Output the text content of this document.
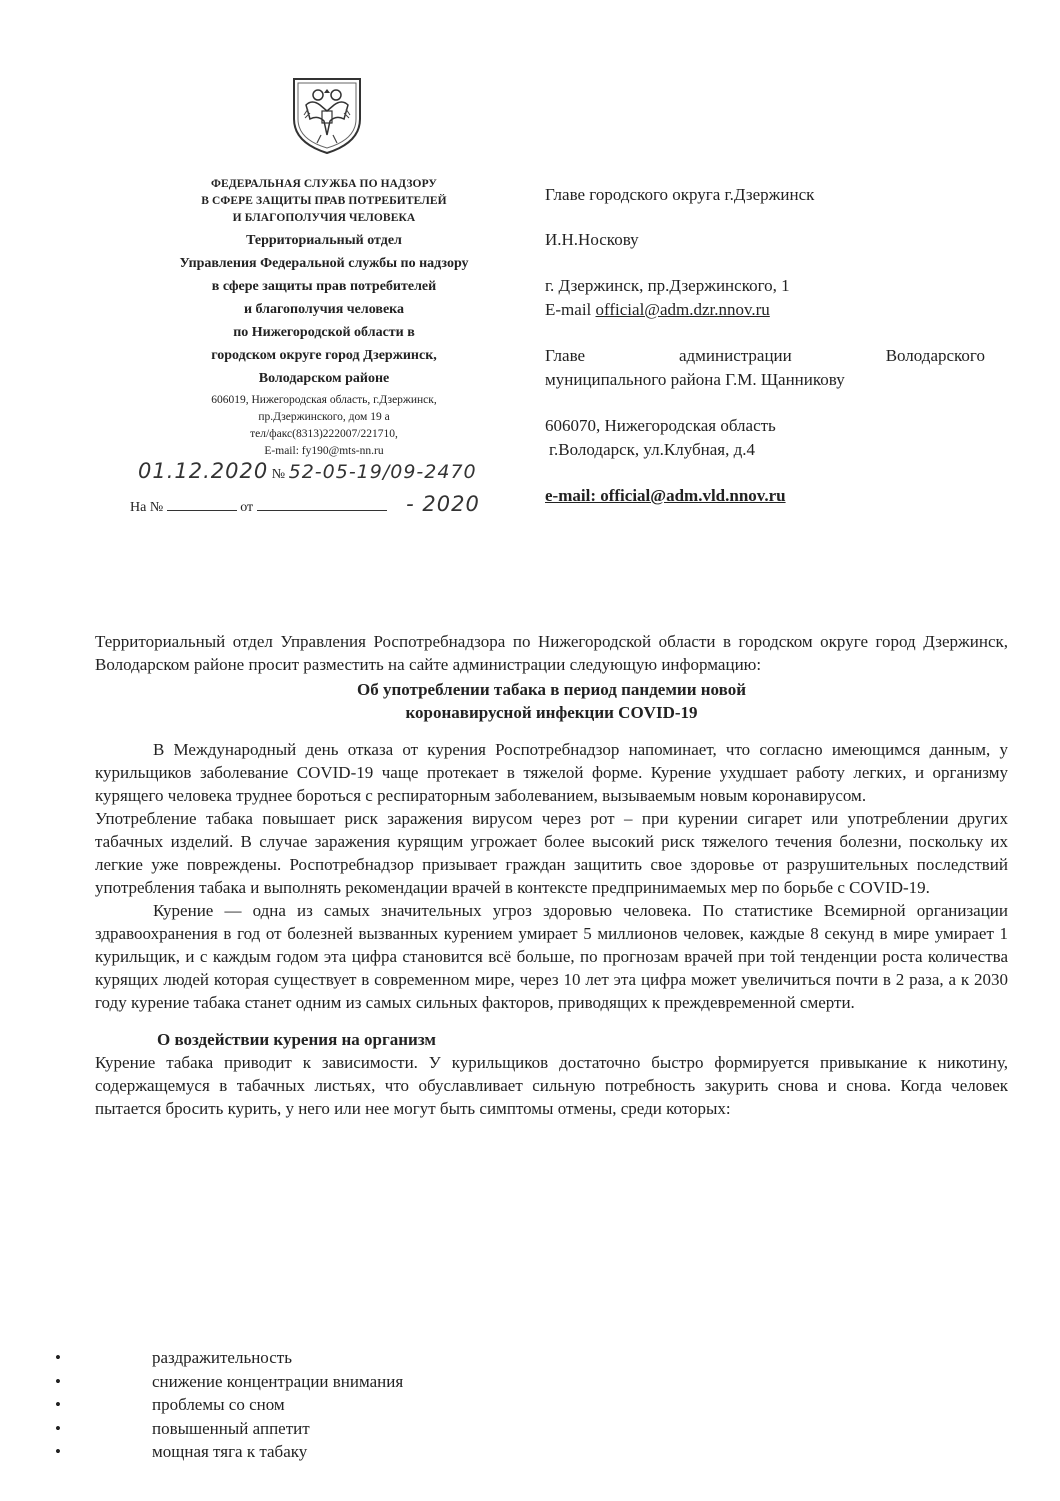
ФЕДЕРАЛЬНАЯ СЛУЖБА ПО НАДЗОРУ
В СФЕРЕ ЗАЩИТЫ ПРАВ ПОТРЕБИТЕЛЕЙ
И БЛАГОПОЛУЧИЯ ЧЕЛОВЕКА
Территориальный отдел
Управления Федеральной службы по надзору
в сфере защиты прав потребителей
и благополучия человека
по Нижегородской области в
городском округе город Дзержинск,
Володарском районе
606019, Нижегородская область, г.Дзержинск,
пр.Дзержинского, дом 19 а
тел/факс(8313)222007/221710,
E-mail: fy190@mts-nn.ru
01.12.2020 № 52-05-19/09-2470
На №	от	- 2020

Главе городского округа г.Дзержинск

И.Н.Носкову

г. Дзержинск, пр.Дзержинского, 1

E-mail official@adm.dzr.nnov.ru

Главе	администрации	Володарского

муниципального района Г.М. Щанникову

606070, Нижегородская область

г.Володарск, ул.Клубная, д.4

e-mail: official@adm.vld.nnov.ru

Территориальный отдел Управления Роспотребнадзора по Нижегородской области в городском округе город Дзержинск, Володарском районе просит разместить на сайте администрации следующую информацию:

Об употреблении табака в период пандемии новой

коронавирусной инфекции COVID-19

В Международный день отказа от курения Роспотребнадзор напоминает, что согласно имеющимся данным, у курильщиков заболевание COVID-19 чаще протекает в тяжелой форме. Курение ухудшает работу легких, и организму курящего человека труднее бороться с респираторным заболеванием, вызываемым новым коронавирусом.

Употребление табака повышает риск заражения вирусом через рот – при курении сигарет или употреблении других табачных изделий. В случае заражения курящим угрожает более высокий риск тяжелого течения болезни, поскольку их легкие уже повреждены. Роспотребнадзор призывает граждан защитить свое здоровье от разрушительных последствий употребления табака и выполнять рекомендации врачей в контексте предпринимаемых мер по борьбе с COVID-19.

Курение — одна из самых значительных угроз здоровью человека. По статистике Всемирной организации здравоохранения в год от болезней вызванных курением умирает 5 миллионов человек, каждые 8 секунд в мире умирает 1 курильщик, и с каждым годом эта цифра становится всё больше, по прогнозам врачей при той тенденции роста количества курящих людей которая существует в современном мире, через 10 лет эта цифра может увеличиться почти в 2 раза, а к 2030 году курение табака станет одним из самых сильных факторов, приводящих к преждевременной смерти.

О воздействии курения на организм

Курение табака приводит к зависимости. У курильщиков достаточно быстро формируется привыкание к никотину, содержащемуся в табачных листьях, что обуславливает сильную потребность закурить снова и снова. Когда человек пытается бросить курить, у него или нее могут быть симптомы отмены, среди которых:

•	раздражительность
•	снижение концентрации внимания
•	проблемы со сном
•	повышенный аппетит
•	мощная тяга к табаку
